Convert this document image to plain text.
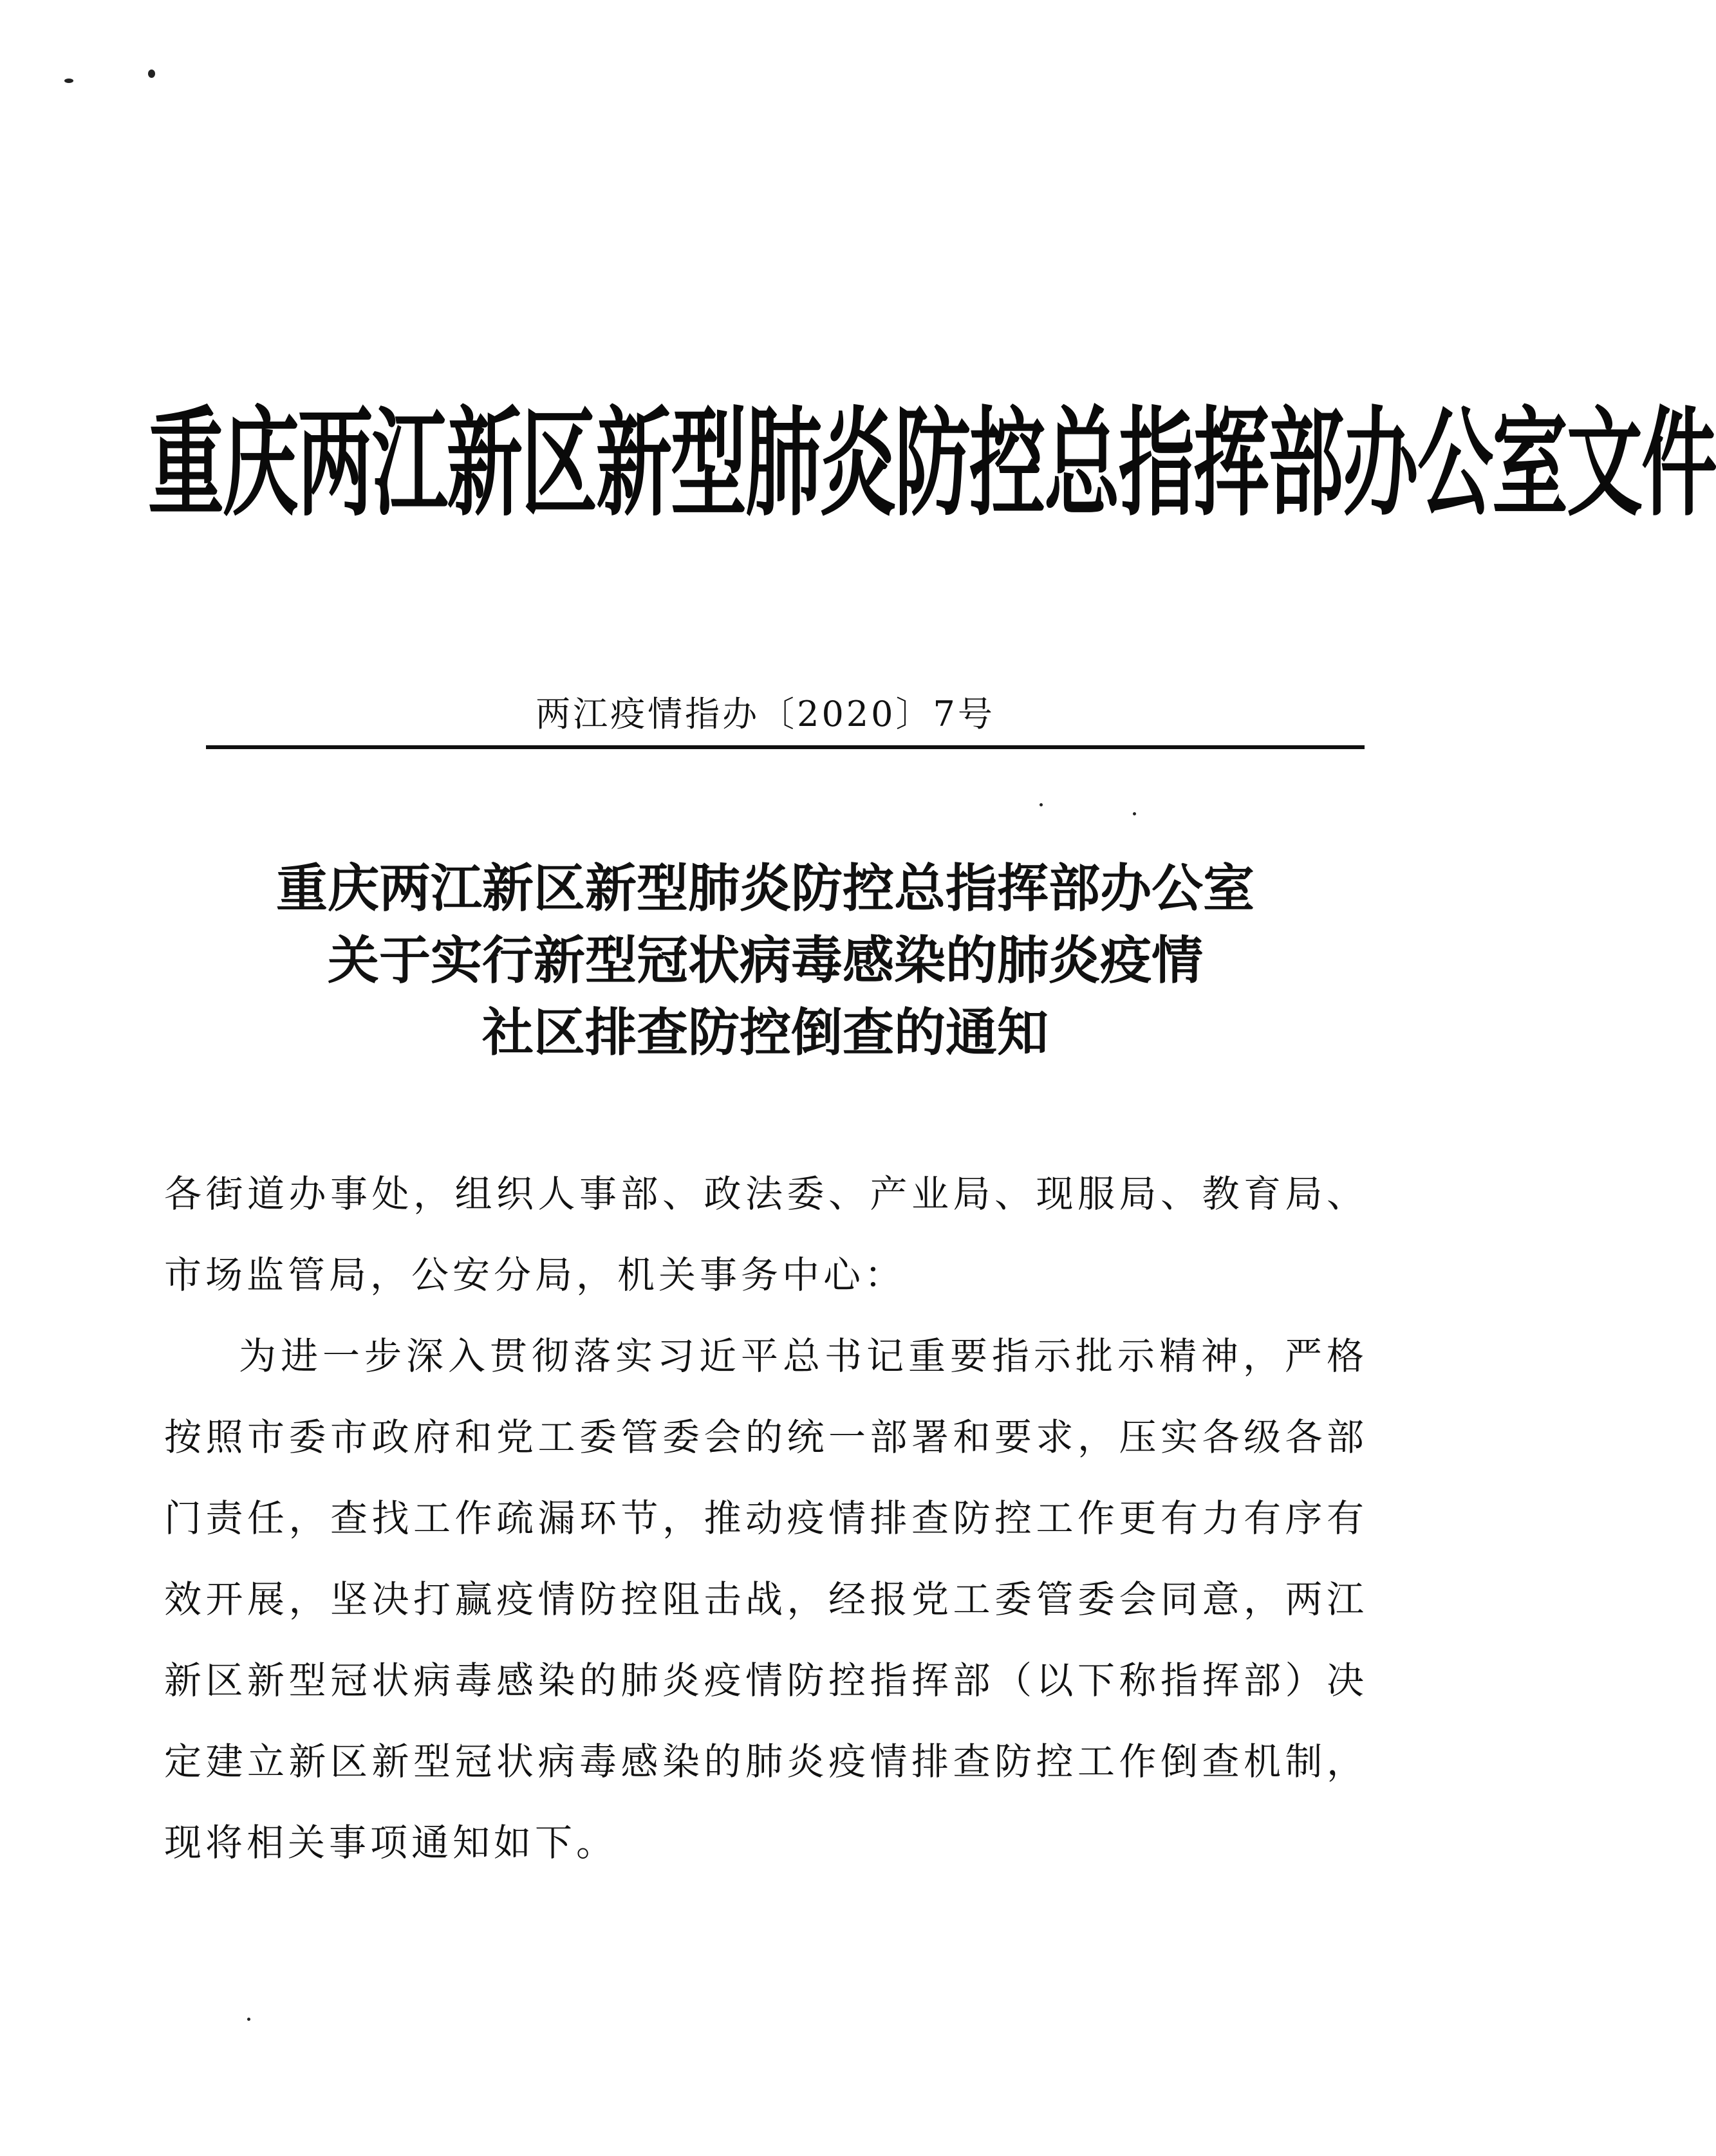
重庆两江新区新型肺炎防控总指挥部办公室文件
两江疫情指办〔2020〕7号
重庆两江新区新型肺炎防控总指挥部办公室
关于实行新型冠状病毒感染的肺炎疫情
社区排查防控倒查的通知
各街道办事处，组织人事部、政法委、产业局、现服局、教育局、
市场监管局，公安分局，机关事务中心：
为进一步深入贯彻落实习近平总书记重要指示批示精神，严格
按照市委市政府和党工委管委会的统一部署和要求，压实各级各部
门责任，查找工作疏漏环节，推动疫情排查防控工作更有力有序有
效开展，坚决打赢疫情防控阻击战，经报党工委管委会同意，两江
新区新型冠状病毒感染的肺炎疫情防控指挥部（以下称指挥部）决
定建立新区新型冠状病毒感染的肺炎疫情排查防控工作倒查机制，
现将相关事项通知如下。
